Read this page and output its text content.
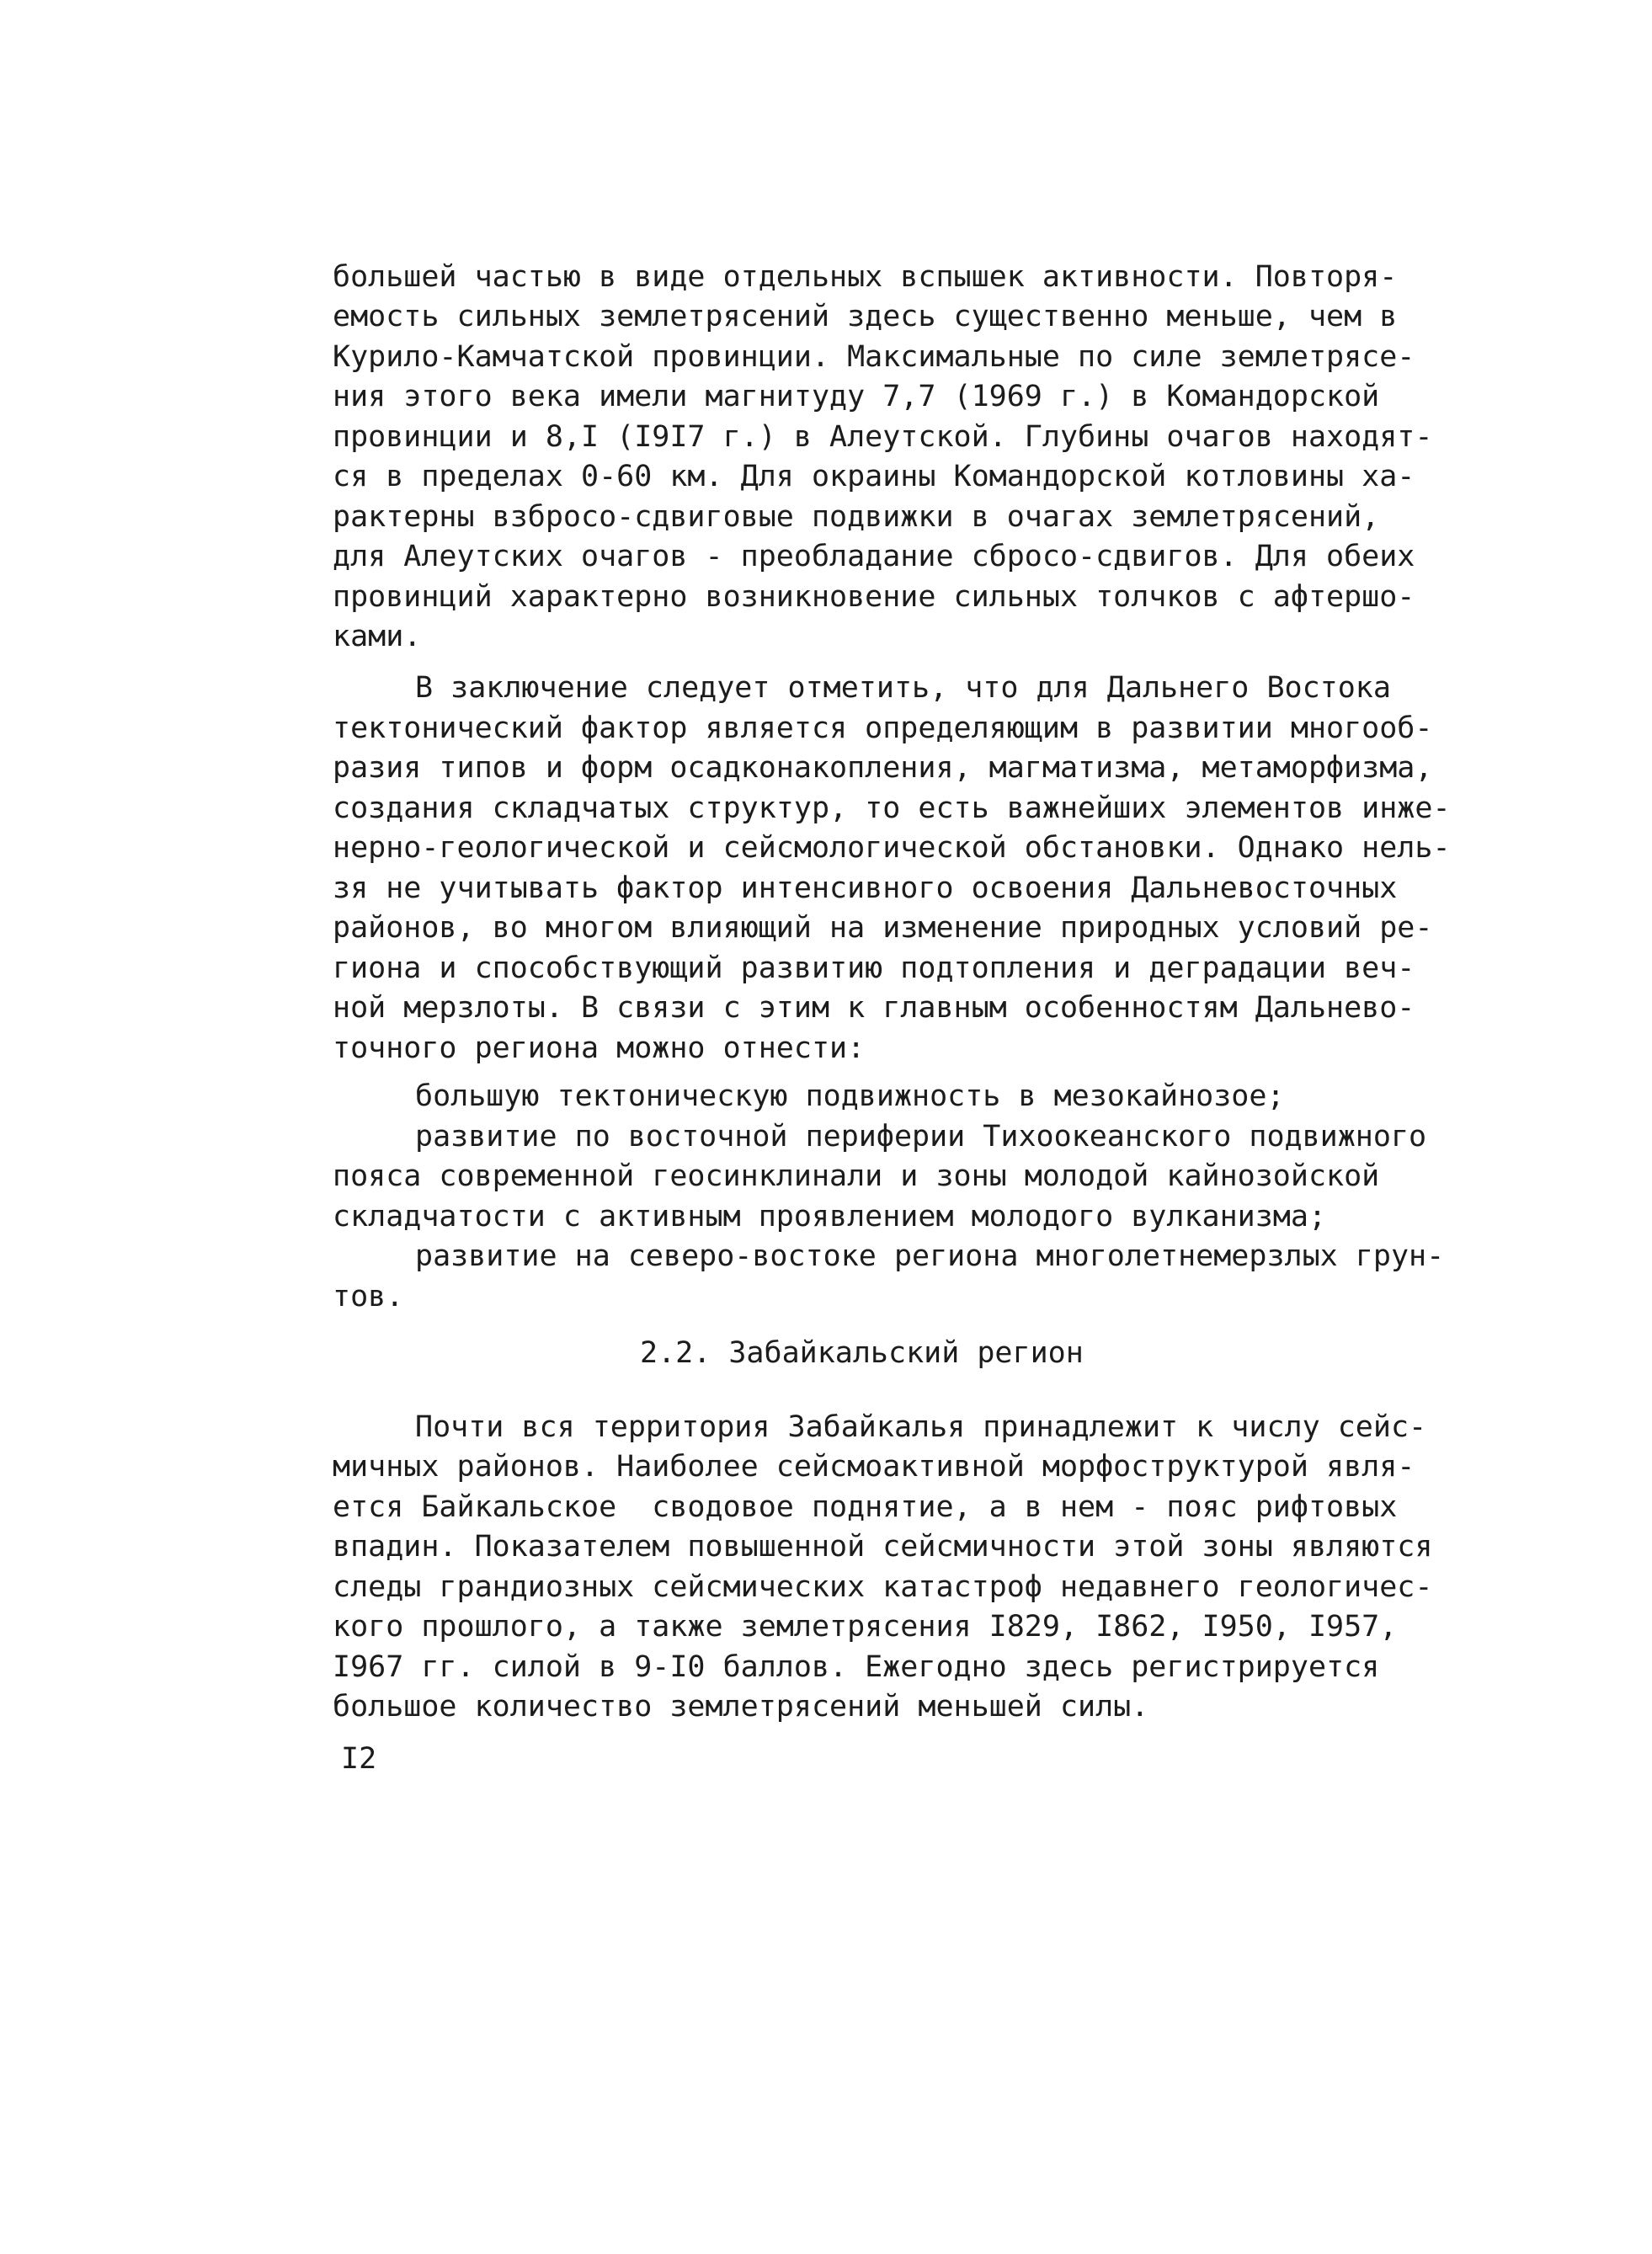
большей частью в виде отдельных вспышек активности. Повторя-
емость сильных землетрясений здесь существенно меньше, чем в
Курило-Камчатской провинции. Максимальные по силе землетрясе-
ния этого века имели магнитуду 7,7 (1969 г.) в Командорской
провинции и 8,I (I9I7 г.) в Алеутской. Глубины очагов находят-
ся в пределах 0-60 км. Для окраины Командорской котловины ха-
рактерны взбросо-сдвиговые подвижки в очагах землетрясений,
для Алеутских очагов - преобладание сбросо-сдвигов. Для обеих
провинций характерно возникновение сильных толчков с афтершо-
ками.
В заключение следует отметить, что для Дальнего Востока
тектонический фактор является определяющим в развитии многооб-
разия типов и форм осадконакопления, магматизма, метаморфизма,
создания складчатых структур, то есть важнейших элементов инже-
нерно-геологической и сейсмологической обстановки. Однако нель-
зя не учитывать фактор интенсивного освоения Дальневосточных
районов, во многом влияющий на изменение природных условий ре-
гиона и способствующий развитию подтопления и деградации веч-
ной мерзлоты. В связи с этим к главным особенностям Дальнево-
точного региона можно отнести:
большую тектоническую подвижность в мезокайнозое;
развитие по восточной периферии Тихоокеанского подвижного
пояса современной геосинклинали и зоны молодой кайнозойской
складчатости с активным проявлением молодого вулканизма;
развитие на северо-востоке региона многолетнемерзлых грун-
тов.
2.2. Забайкальский регион
Почти вся территория Забайкалья принадлежит к числу сейс-
мичных районов. Наиболее сейсмоактивной морфоструктурой явля-
ется Байкальское  сводовое поднятие, а в нем - пояс рифтовых
впадин. Показателем повышенной сейсмичности этой зоны являются
следы грандиозных сейсмических катастроф недавнего геологичес-
кого прошлого, а также землетрясения I829, I862, I950, I957,
I967 гг. силой в 9-I0 баллов. Ежегодно здесь регистрируется
большое количество землетрясений меньшей силы.
I2
